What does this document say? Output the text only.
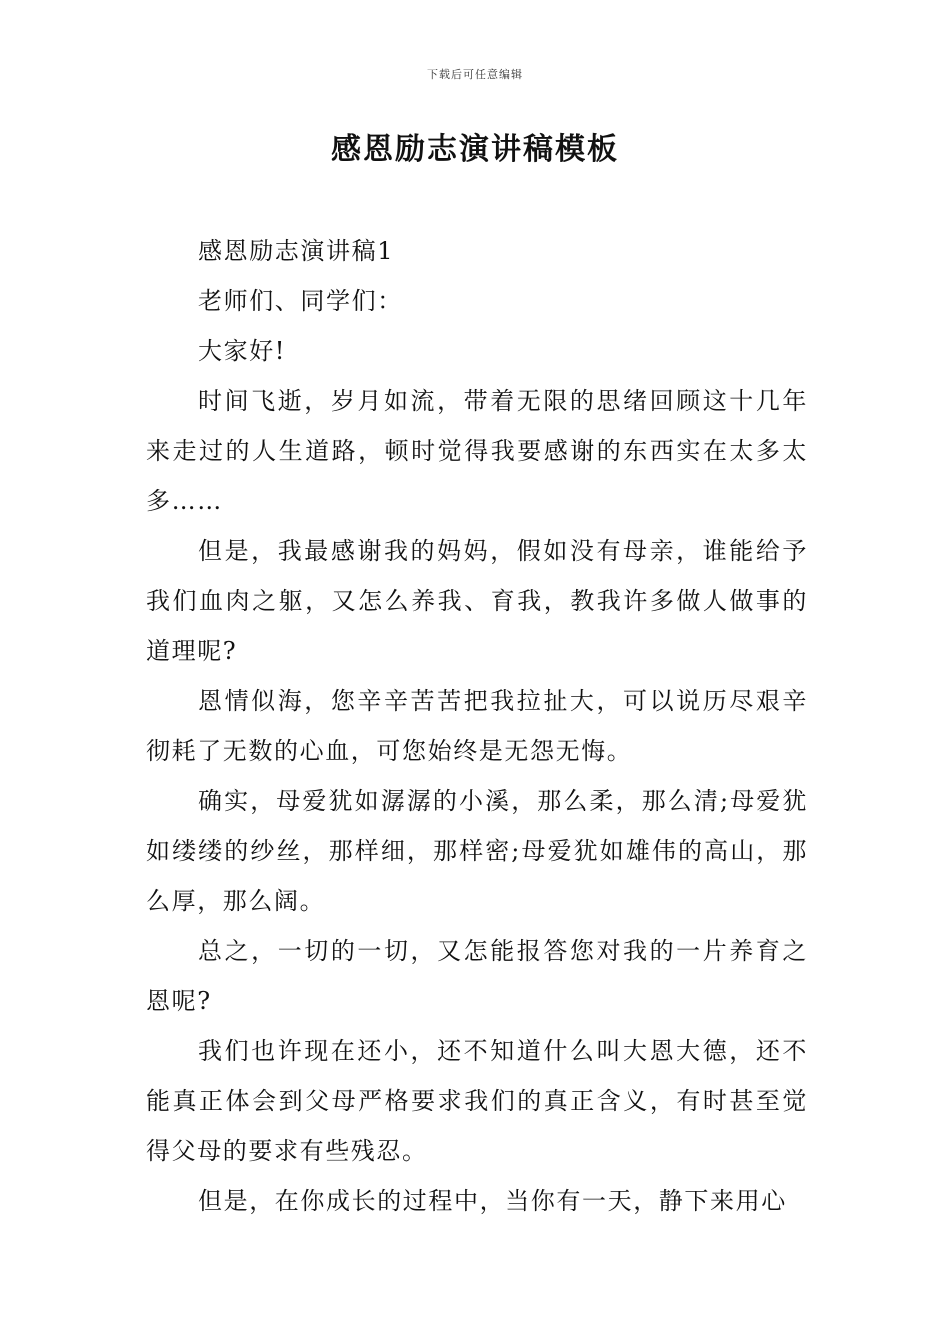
下载后可任意编辑
感恩励志演讲稿模板

感恩励志演讲稿1

老师们、同学们：

大家好!

时间飞逝，岁月如流，带着无限的思绪回顾这十几年来走过的人生道路，顿时觉得我要感谢的东西实在太多太多……

但是，我最感谢我的妈妈，假如没有母亲，谁能给予我们血肉之躯，又怎么养我、育我，教我许多做人做事的道理呢?

恩情似海，您辛辛苦苦把我拉扯大，可以说历尽艰辛彻耗了无数的心血，可您始终是无怨无悔。

确实，母爱犹如潺潺的小溪，那么柔，那么清;母爱犹如缕缕的纱丝，那样细，那样密;母爱犹如雄伟的高山，那么厚，那么阔。

总之，一切的一切，又怎能报答您对我的一片养育之恩呢?

我们也许现在还小，还不知道什么叫大恩大德，还不能真正体会到父母严格要求我们的真正含义，有时甚至觉得父母的要求有些残忍。

但是，在你成长的过程中，当你有一天，静下来用心
